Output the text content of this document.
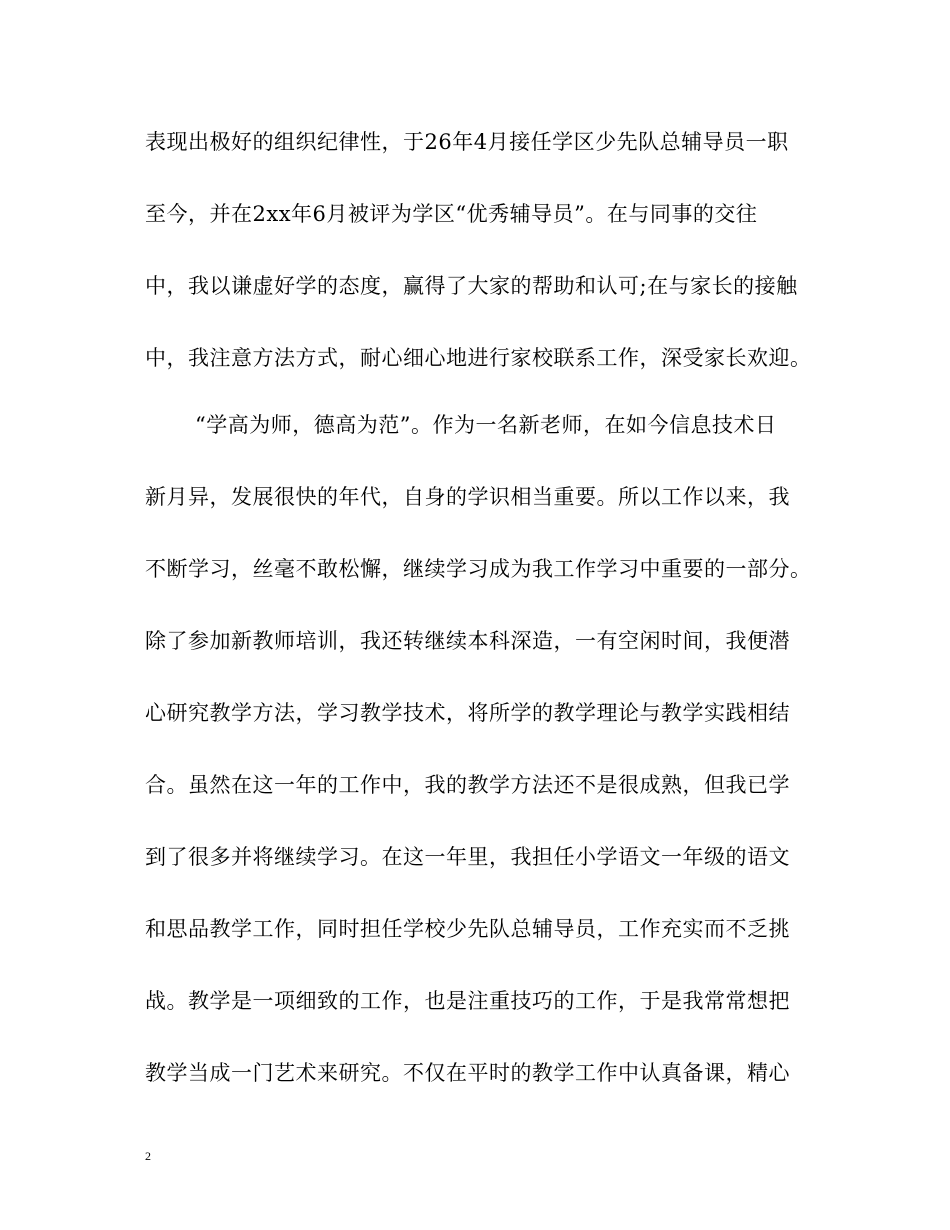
表现出极好的组织纪律性，于26年4月接任学区少先队总辅导员一职
至今，并在2xx年6月被评为学区“优秀辅导员”。在与同事的交往
中，我以谦虚好学的态度，赢得了大家的帮助和认可;在与家长的接触
中，我注意方法方式，耐心细心地进行家校联系工作，深受家长欢迎。
“学高为师，德高为范”。作为一名新老师，在如今信息技术日
新月异，发展很快的年代，自身的学识相当重要。所以工作以来，我
不断学习，丝毫不敢松懈，继续学习成为我工作学习中重要的一部分。
除了参加新教师培训，我还转继续本科深造，一有空闲时间，我便潜
心研究教学方法，学习教学技术，将所学的教学理论与教学实践相结
合。虽然在这一年的工作中，我的教学方法还不是很成熟，但我已学
到了很多并将继续学习。在这一年里，我担任小学语文一年级的语文
和思品教学工作，同时担任学校少先队总辅导员，工作充实而不乏挑
战。教学是一项细致的工作，也是注重技巧的工作，于是我常常想把
教学当成一门艺术来研究。不仅在平时的教学工作中认真备课，精心
2
